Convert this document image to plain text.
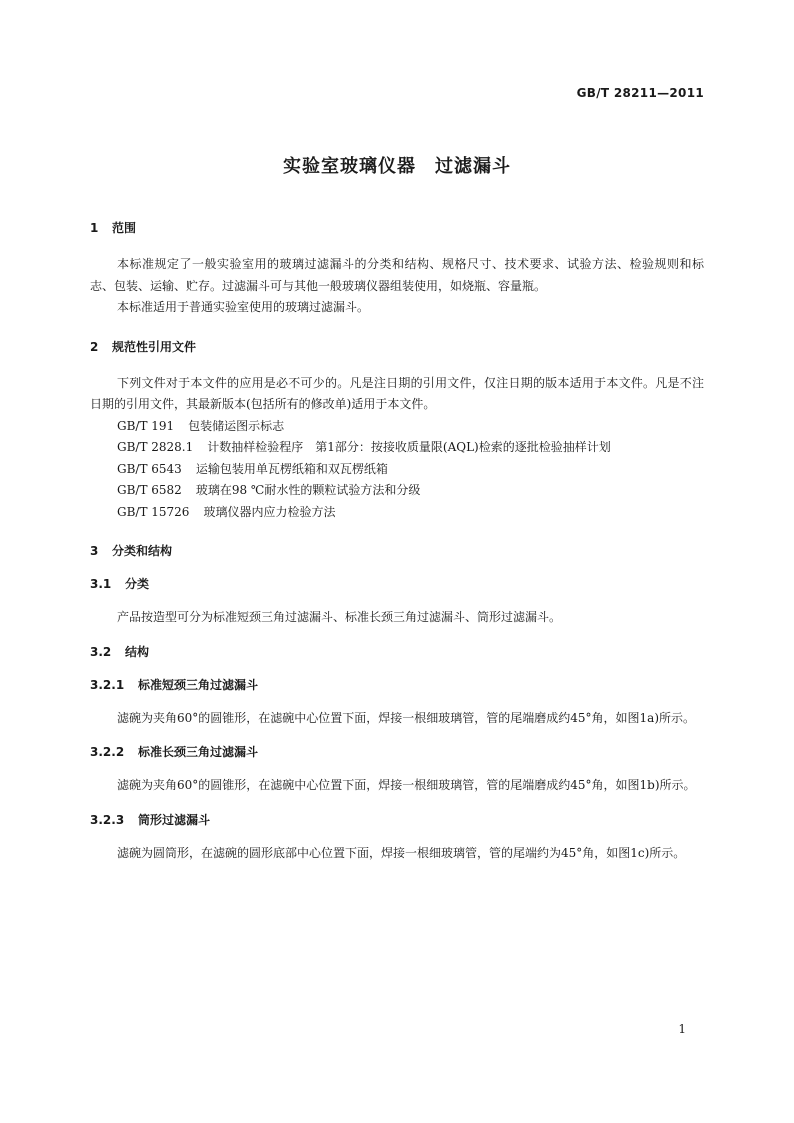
GB/T 28211—2011
实验室玻璃仪器　过滤漏斗
1 范围

本标准规定了一般实验室用的玻璃过滤漏斗的分类和结构、规格尺寸、技术要求、试验方法、检验规则和标志、包装、运输、贮存。过滤漏斗可与其他一般玻璃仪器组装使用，如烧瓶、容量瓶。

本标准适用于普通实验室使用的玻璃过滤漏斗。

2 规范性引用文件

下列文件对于本文件的应用是必不可少的。凡是注日期的引用文件，仅注日期的版本适用于本文件。凡是不注日期的引用文件，其最新版本(包括所有的修改单)适用于本文件。

GB/T 191 包装储运图示标志

GB/T 2828.1 计数抽样检验程序　第1部分：按接收质量限(AQL)检索的逐批检验抽样计划

GB/T 6543 运输包装用单瓦楞纸箱和双瓦楞纸箱

GB/T 6582 玻璃在98 ℃耐水性的颗粒试验方法和分级

GB/T 15726 玻璃仪器内应力检验方法

3 分类和结构
3.1 分类

产品按造型可分为标准短颈三角过滤漏斗、标准长颈三角过滤漏斗、筒形过滤漏斗。

3.2 结构
3.2.1 标准短颈三角过滤漏斗

滤碗为夹角60°的圆锥形，在滤碗中心位置下面，焊接一根细玻璃管，管的尾端磨成约45°角，如图1a)所示。

3.2.2 标准长颈三角过滤漏斗

滤碗为夹角60°的圆锥形，在滤碗中心位置下面，焊接一根细玻璃管，管的尾端磨成约45°角，如图1b)所示。

3.2.3 筒形过滤漏斗

滤碗为圆筒形，在滤碗的圆形底部中心位置下面，焊接一根细玻璃管，管的尾端约为45°角，如图1c)所示。

1
